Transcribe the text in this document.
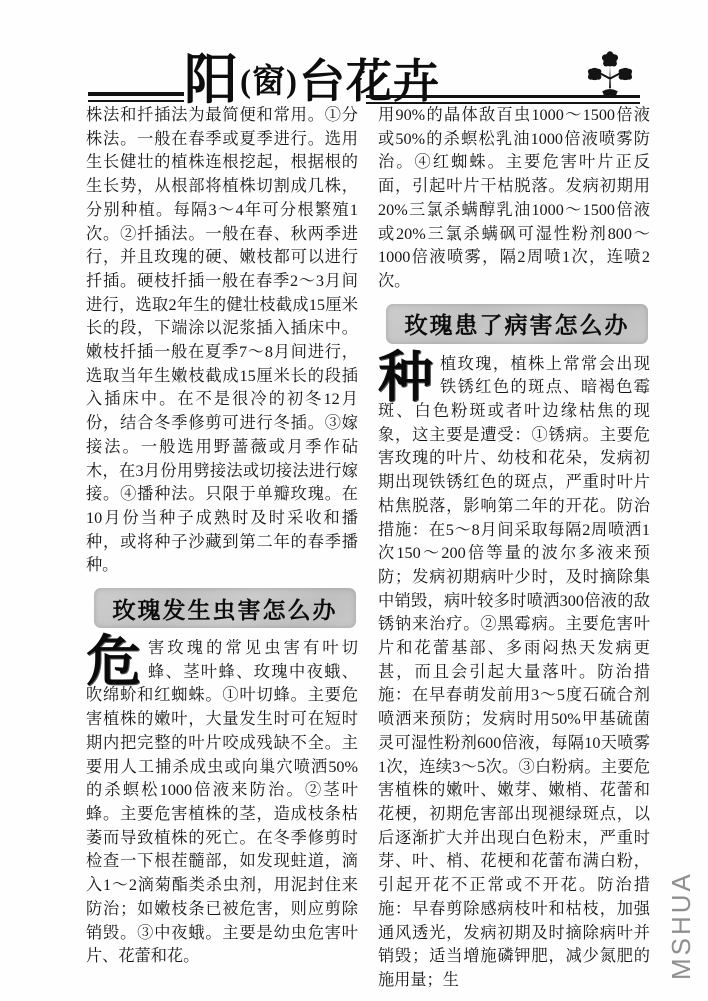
阳 (窗) 台花卉

株法和扦插法为最简便和常用。①分株法。一般在春季或夏季进行。选用生长健壮的植株连根挖起，根据根的生长势，从根部将植株切割成几株，分别种植。每隔3～4年可分根繁殖1次。②扦插法。一般在春、秋两季进行，并且玫瑰的硬、嫩枝都可以进行扦插。硬枝扦插一般在春季2～3月间进行，选取2年生的健壮枝截成15厘米长的段，下端涂以泥浆插入插床中。嫩枝扦插一般在夏季7～8月间进行，选取当年生嫩枝截成15厘米长的段插入插床中。在不是很冷的初冬12月份，结合冬季修剪可进行冬插。③嫁接法。一般选用野蔷薇或月季作砧木，在3月份用劈接法或切接法进行嫁接。④播种法。只限于单瓣玫瑰。在10月份当种子成熟时及时采收和播种，或将种子沙藏到第二年的春季播种。

玫瑰发生虫害怎么办

危害玫瑰的常见虫害有叶切蜂、茎叶蜂、玫瑰中夜蛾、吹绵蚧和红蜘蛛。①叶切蜂。主要危害植株的嫩叶，大量发生时可在短时期内把完整的叶片咬成残缺不全。主要用人工捕杀成虫或向巢穴喷洒50%的杀螟松1000倍液来防治。②茎叶蜂。主要危害植株的茎，造成枝条枯萎而导致植株的死亡。在冬季修剪时检查一下根茬髓部，如发现蛀道，滴入1～2滴菊酯类杀虫剂，用泥封住来防治；如嫩枝条已被危害，则应剪除销毁。③中夜蛾。主要是幼虫危害叶片、花蕾和花。

用90%的晶体敌百虫1000～1500倍液或50%的杀螟松乳油1000倍液喷雾防治。④红蜘蛛。主要危害叶片正反面，引起叶片干枯脱落。发病初期用20%三氯杀螨醇乳油1000～1500倍液或20%三氯杀螨砜可湿性粉剂800～1000倍液喷雾，隔2周喷1次，连喷2次。

玫瑰患了病害怎么办

种植玫瑰，植株上常常会出现铁锈红色的斑点、暗褐色霉斑、白色粉斑或者叶边缘枯焦的现象，这主要是遭受：①锈病。主要危害玫瑰的叶片、幼枝和花朵，发病初期出现铁锈红色的斑点，严重时叶片枯焦脱落，影响第二年的开花。防治措施：在5～8月间采取每隔2周喷洒1次150～200倍等量的波尔多液来预防；发病初期病叶少时，及时摘除集中销毁，病叶较多时喷洒300倍液的敌锈钠来治疗。②黑霉病。主要危害叶片和花蕾基部、多雨闷热天发病更甚，而且会引起大量落叶。防治措施：在早春萌发前用3～5度石硫合剂喷洒来预防；发病时用50%甲基硫菌灵可湿性粉剂600倍液，每隔10天喷雾1次，连续3～5次。③白粉病。主要危害植株的嫩叶、嫩芽、嫩梢、花蕾和花梗，初期危害部出现褪绿斑点，以后逐渐扩大并出现白色粉末，严重时芽、叶、梢、花梗和花蕾布满白粉，引起开花不正常或不开花。防治措施：早春剪除感病枝叶和枯枝，加强通风透光，发病初期及时摘除病叶并销毁；适当增施磷钾肥，减少氮肥的施用量；生	MSHUA
